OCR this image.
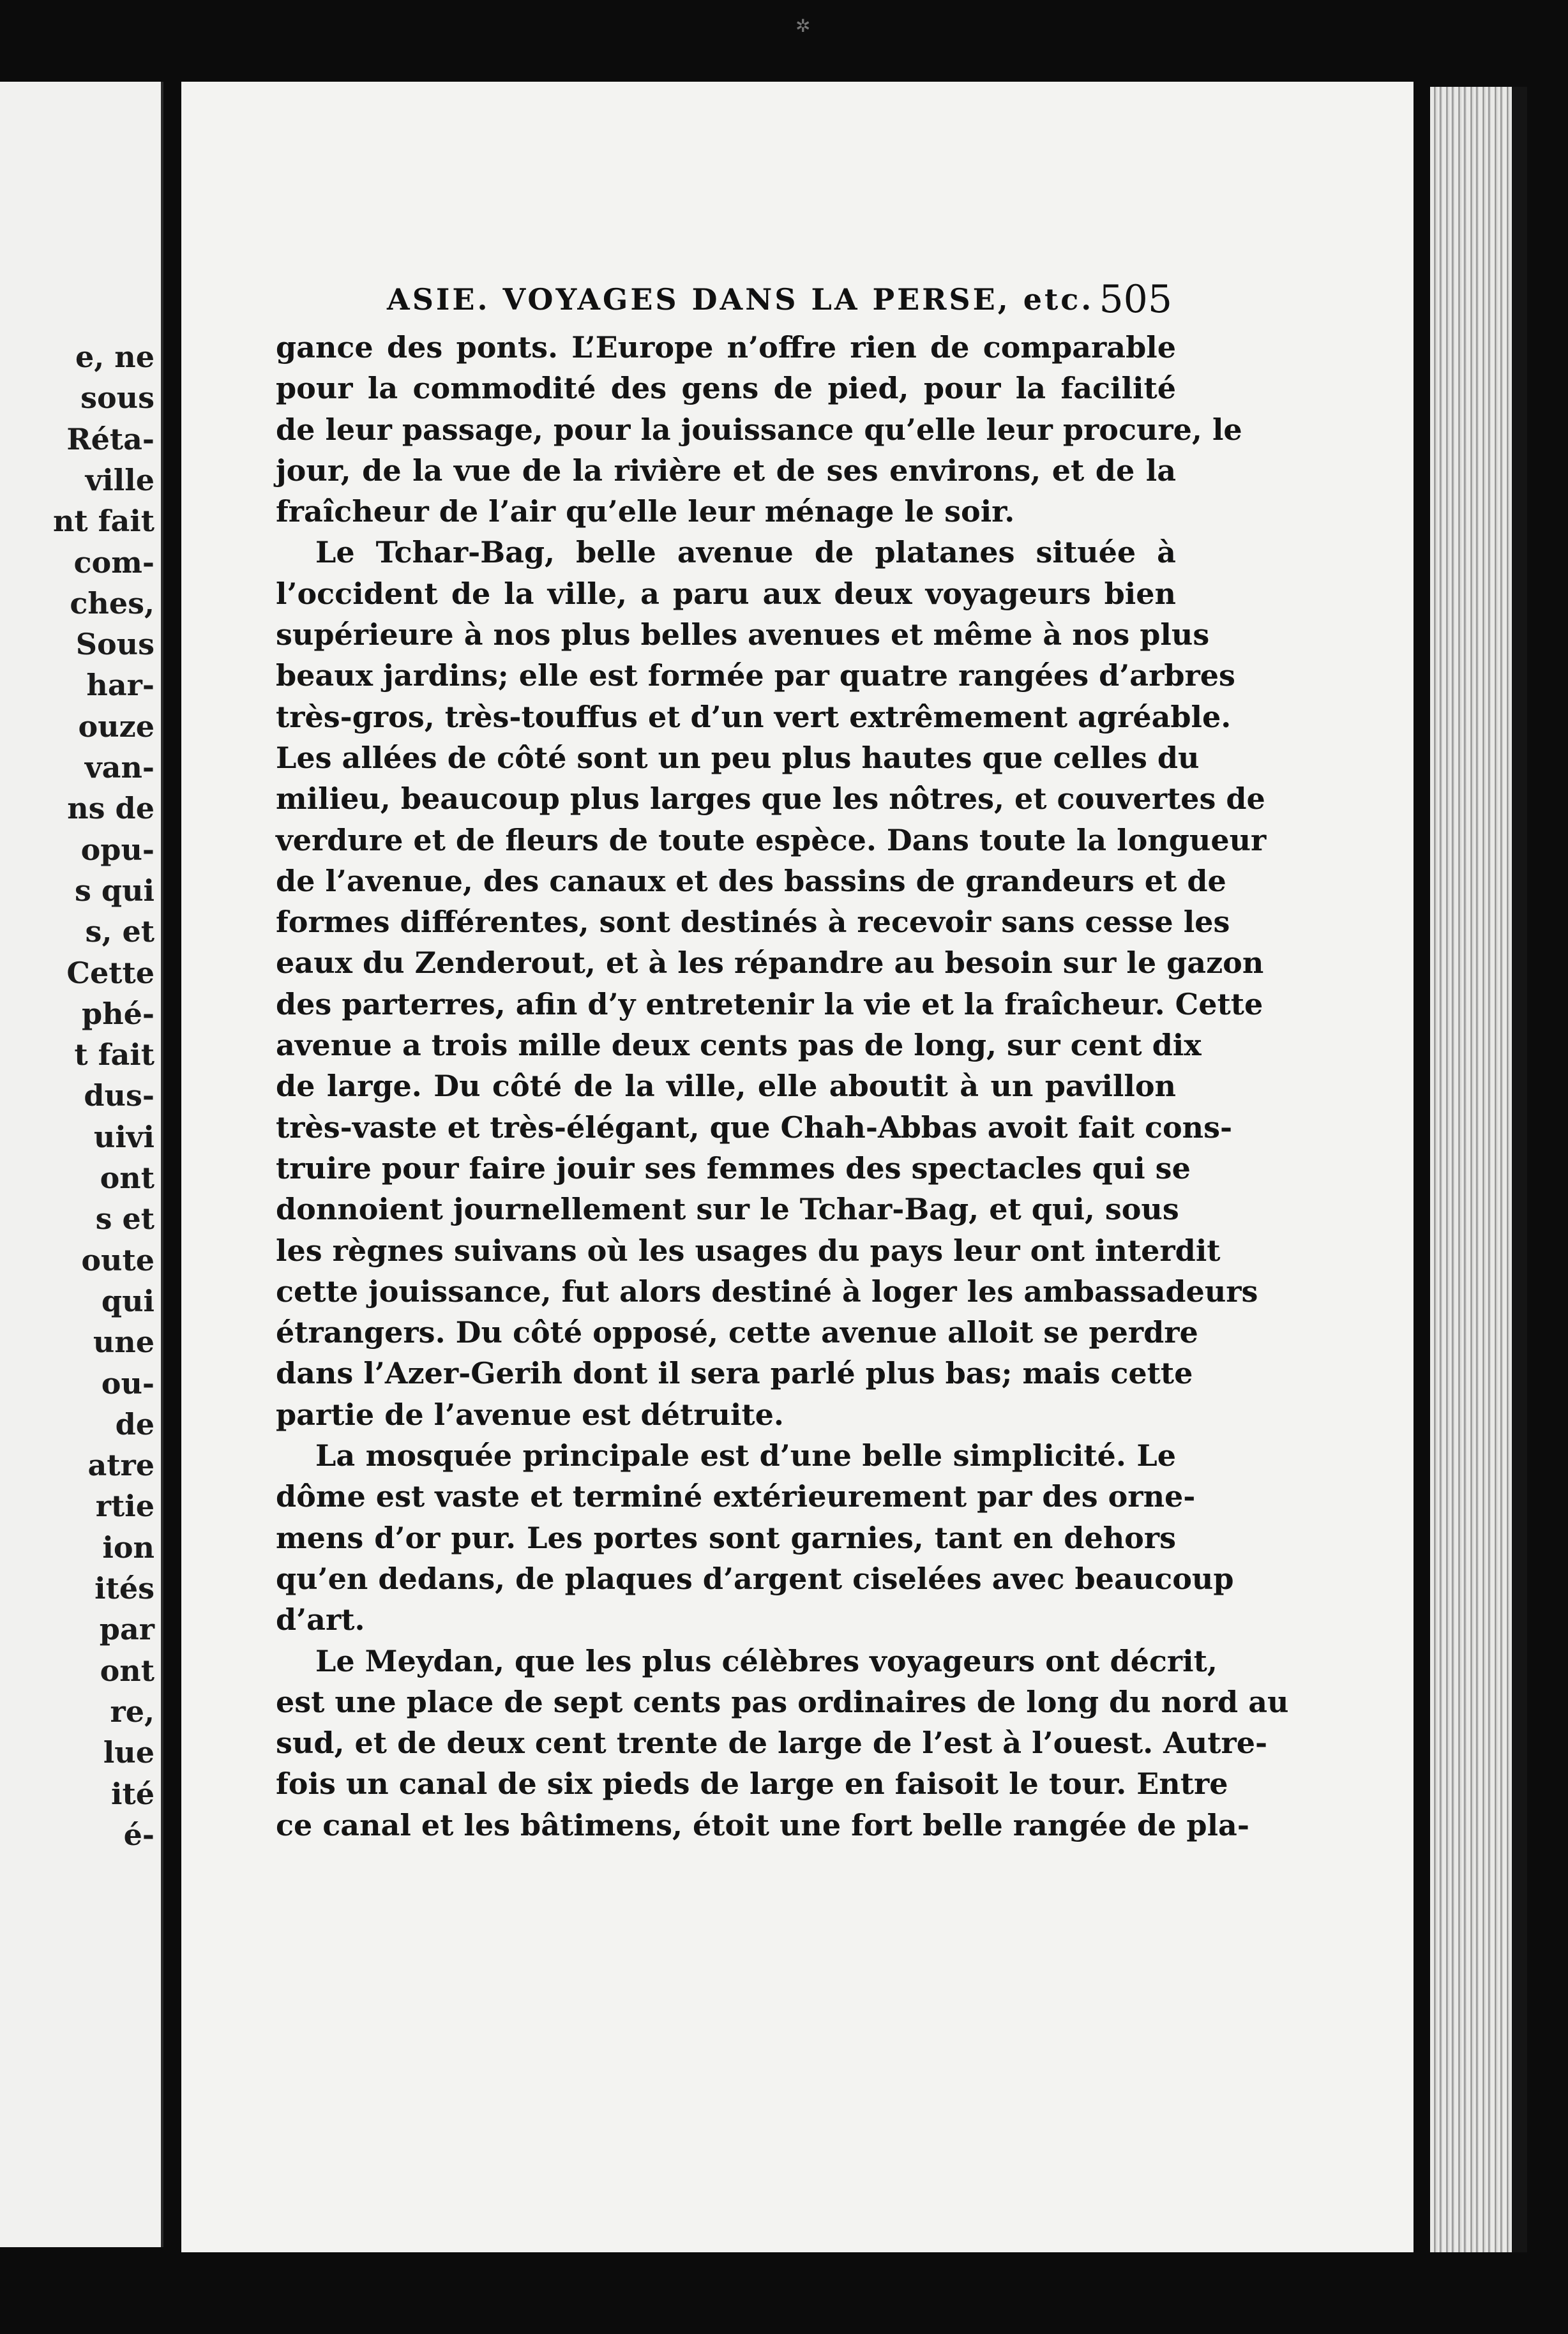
✲
e, ne
sous
Réta-
ville
nt fait
com-
ches,
Sous
har-
ouze
van-
ns de
opu-
s qui
s, et
Cette
phé-
t fait
dus-
uivi
ont
s et
oute
qui
une
ou-
de
atre
rtie
ion
ités
par
ont
re,
lue
ité
é-
ASIE. VOYAGES DANS LA PERSE, etc. 505
gance des ponts. L’Europe n’offre rien de comparable
pour la commodité des gens de pied, pour la facilité
de leur passage, pour la jouissance qu’elle leur procure, le
jour, de la vue de la rivière et de ses environs, et de la
fraîcheur de l’air qu’elle leur ménage le soir.
Le Tchar-Bag, belle avenue de platanes située à
l’occident de la ville, a paru aux deux voyageurs bien
supérieure à nos plus belles avenues et même à nos plus
beaux jardins; elle est formée par quatre rangées d’arbres
très-gros, très-touffus et d’un vert extrêmement agréable.
Les allées de côté sont un peu plus hautes que celles du
milieu, beaucoup plus larges que les nôtres, et couvertes de
verdure et de fleurs de toute espèce. Dans toute la longueur
de l’avenue, des canaux et des bassins de grandeurs et de
formes différentes, sont destinés à recevoir sans cesse les
eaux du Zenderout, et à les répandre au besoin sur le gazon
des parterres, afin d’y entretenir la vie et la fraîcheur. Cette
avenue a trois mille deux cents pas de long, sur cent dix
de large. Du côté de la ville, elle aboutit à un pavillon
très-vaste et très-élégant, que Chah-Abbas avoit fait cons-
truire pour faire jouir ses femmes des spectacles qui se
donnoient journellement sur le Tchar-Bag, et qui, sous
les règnes suivans où les usages du pays leur ont interdit
cette jouissance, fut alors destiné à loger les ambassadeurs
étrangers. Du côté opposé, cette avenue alloit se perdre
dans l’Azer-Gerih dont il sera parlé plus bas; mais cette
partie de l’avenue est détruite.
La mosquée principale est d’une belle simplicité. Le
dôme est vaste et terminé extérieurement par des orne-
mens d’or pur. Les portes sont garnies, tant en dehors
qu’en dedans, de plaques d’argent ciselées avec beaucoup
d’art.
Le Meydan, que les plus célèbres voyageurs ont décrit,
est une place de sept cents pas ordinaires de long du nord au
sud, et de deux cent trente de large de l’est à l’ouest. Autre-
fois un canal de six pieds de large en faisoit le tour. Entre
ce canal et les bâtimens, étoit une fort belle rangée de pla-
